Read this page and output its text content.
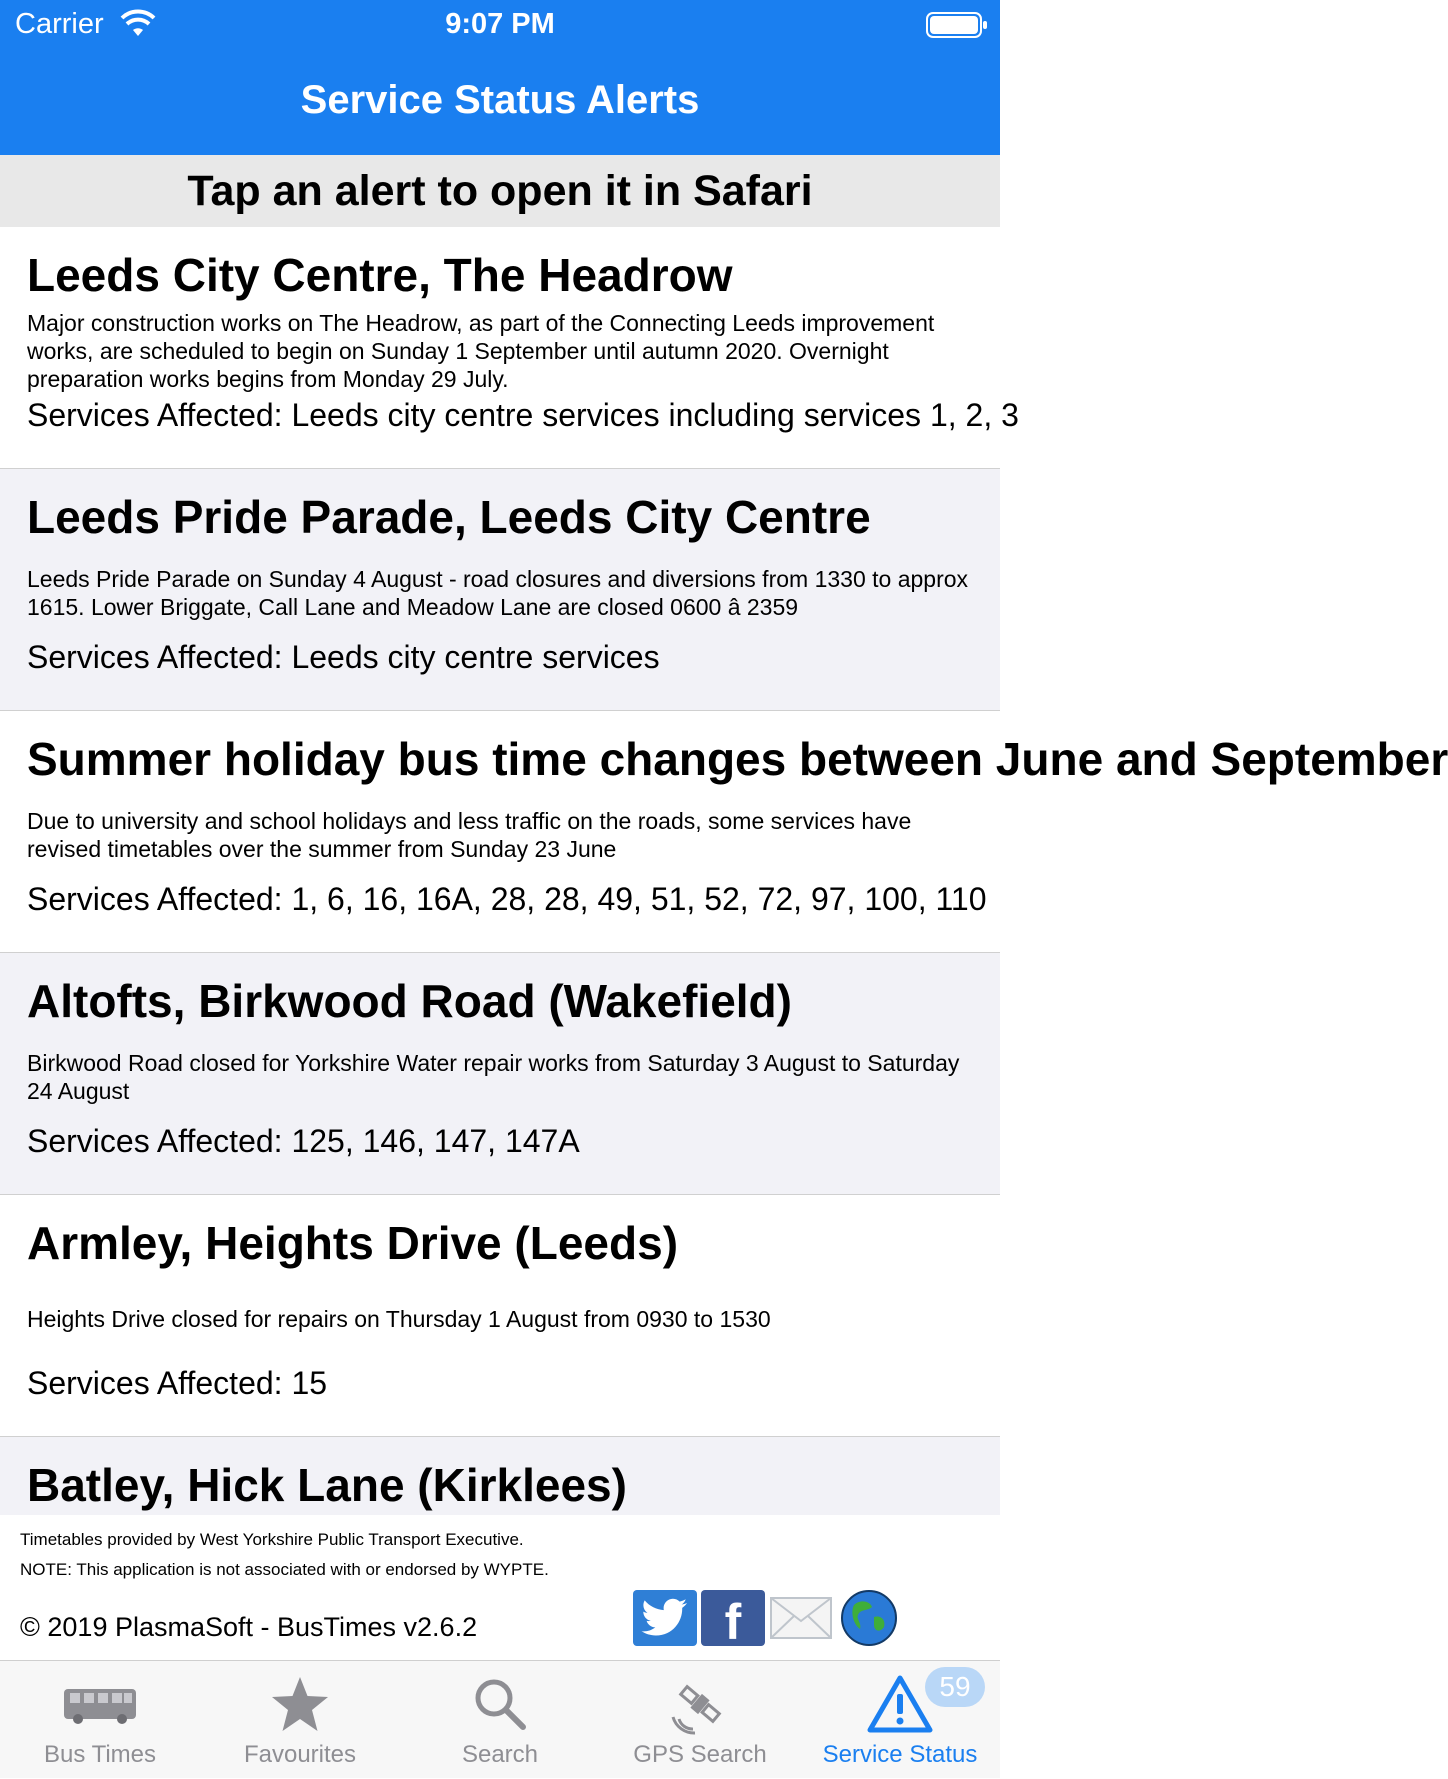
Carrier	9:07 PM
Service Status Alerts
Tap an alert to open it in Safari
Leeds City Centre, The Headrow
Major construction works on The Headrow, as part of the Connecting Leeds improvement works, are scheduled to begin on Sunday 1 September until autumn 2020. Overnight preparation works begins from Monday 29 July.
Services Affected: Leeds city centre services including services 1, 2, 3
Leeds Pride Parade, Leeds City Centre
Leeds Pride Parade on Sunday 4 August - road closures and diversions from 1330 to approx 1615. Lower Briggate, Call Lane and Meadow Lane are closed 0600 â 2359
Services Affected: Leeds city centre services
Summer holiday bus time changes between June and September
Due to university and school holidays and less traffic on the roads, some services have revised timetables over the summer from Sunday 23 June
Services Affected: 1, 6, 16, 16A, 28, 28, 49, 51, 52, 72, 97, 100, 110
Altofts, Birkwood Road (Wakefield)
Birkwood Road closed for Yorkshire Water repair works from Saturday 3 August to Saturday 24 August
Services Affected: 125, 146, 147, 147A
Armley, Heights Drive (Leeds)
Heights Drive closed for repairs on Thursday 1 August from 0930 to 1530
Services Affected: 15
Batley, Hick Lane (Kirklees)
Timetables provided by West Yorkshire Public Transport Executive.
NOTE: This application is not associated with or endorsed by WYPTE.
© 2019 PlasmaSoft - BusTimes v2.6.2	f
Bus Times	Favourites	Search	GPS Search	Service Status
59
